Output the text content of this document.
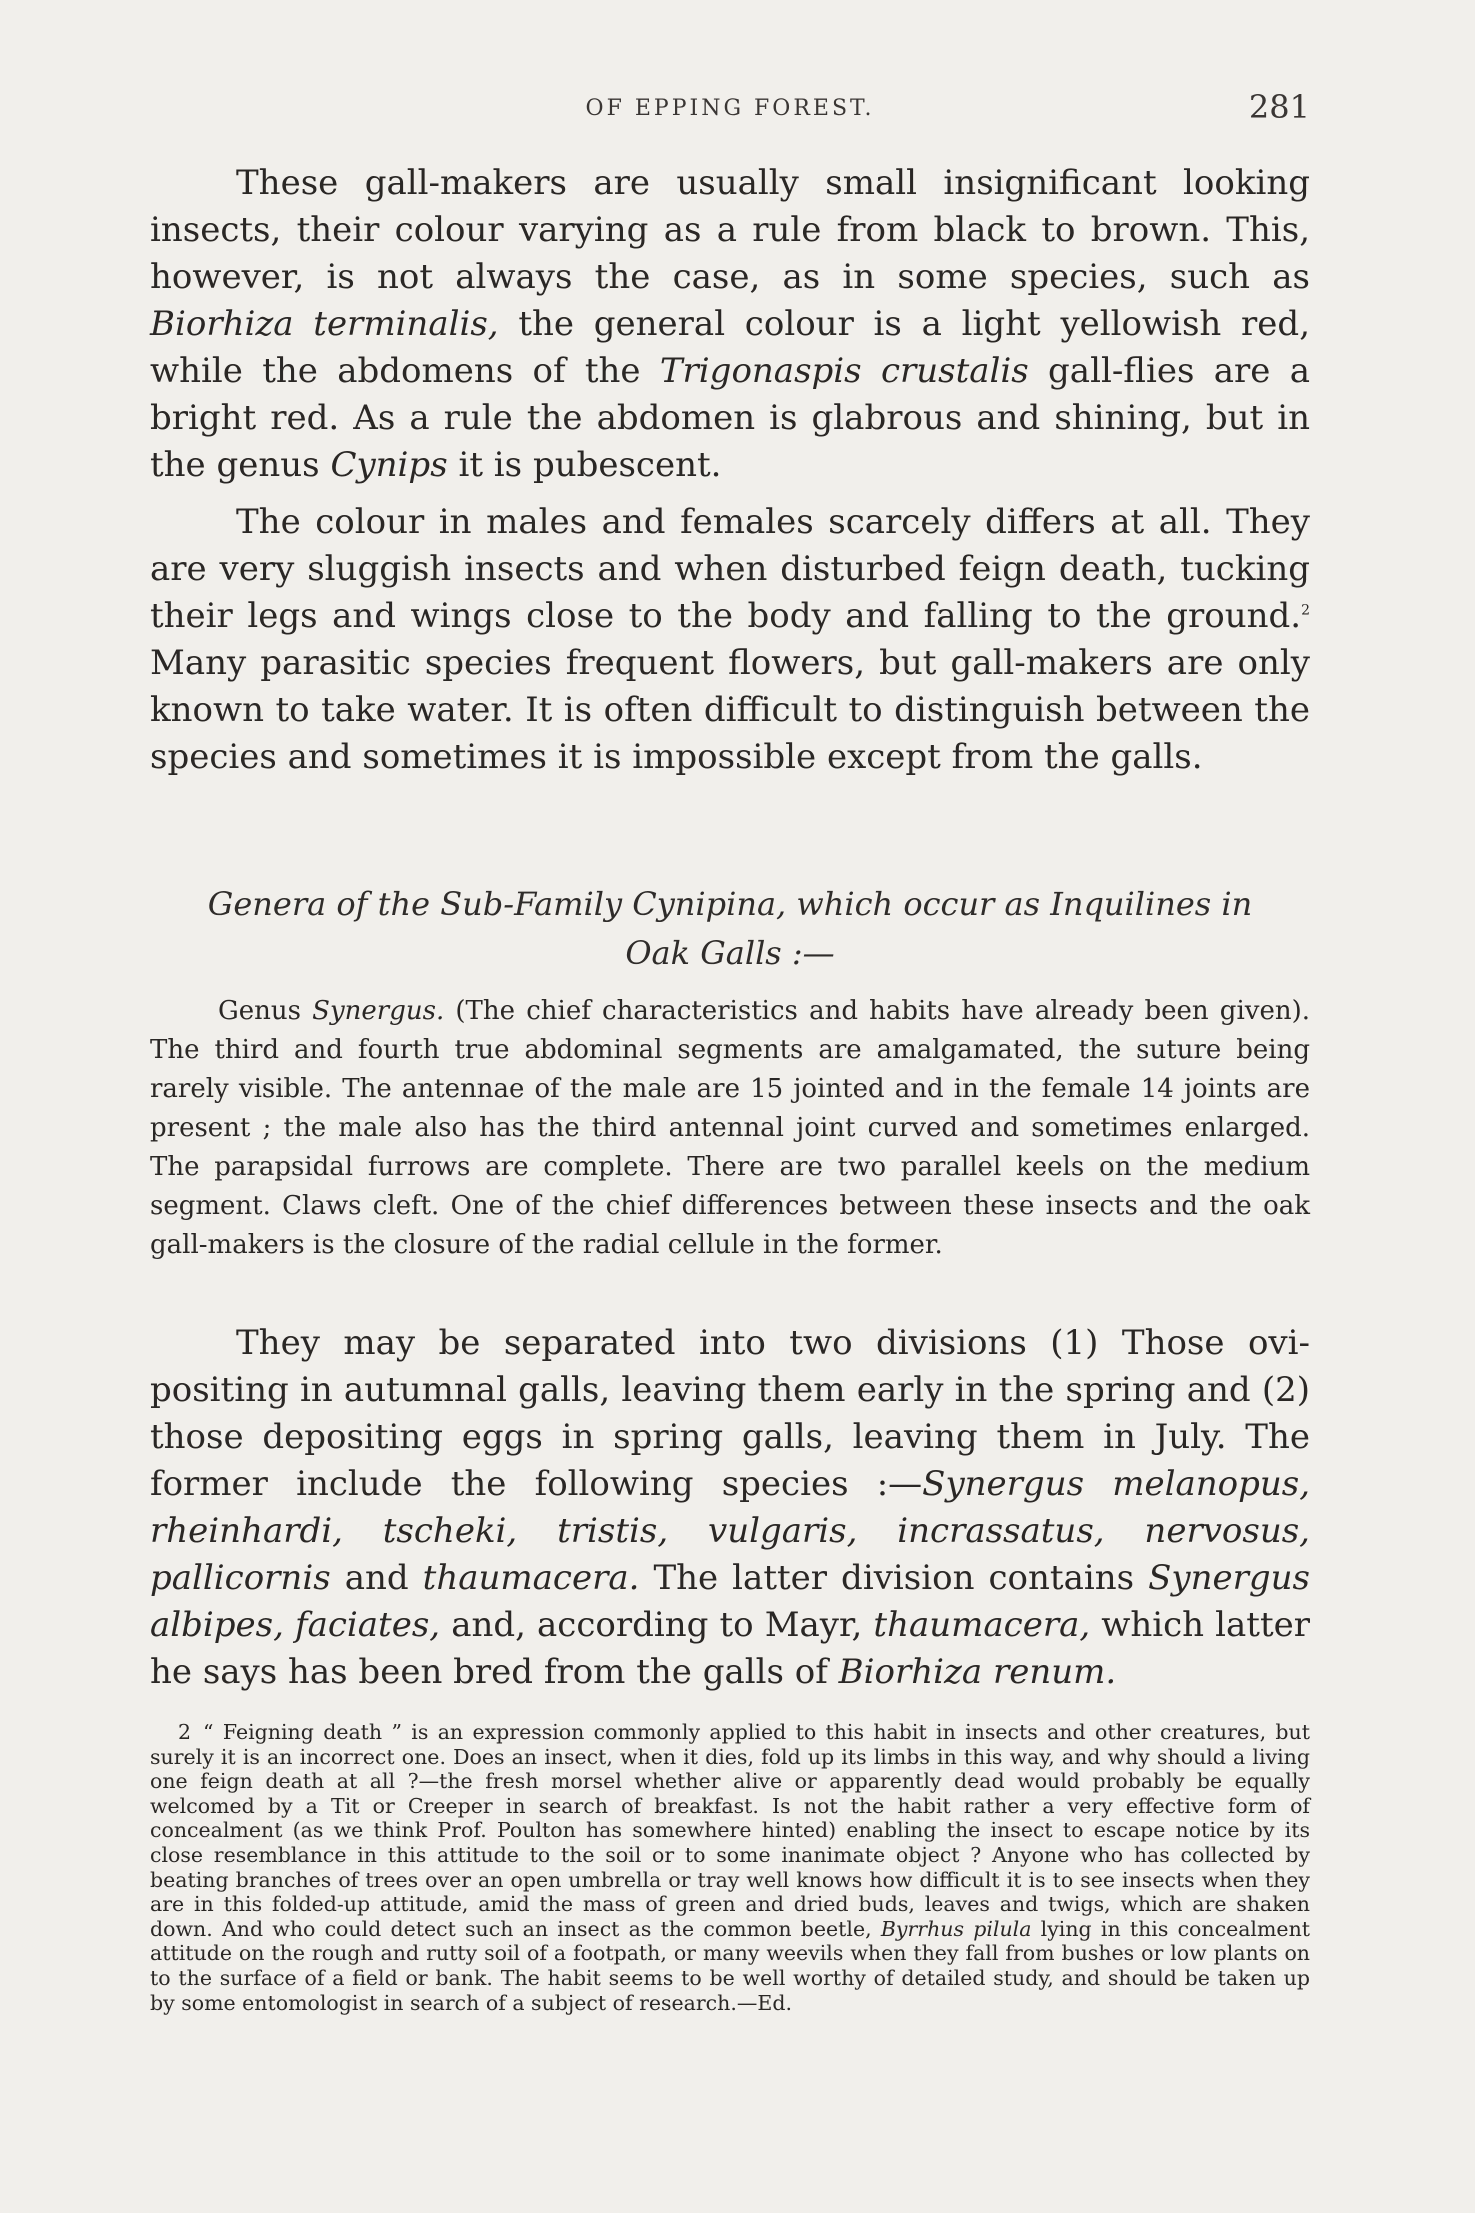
OF EPPING FOREST.	281

These gall-makers are usually small insignificant looking insects, their colour varying as a rule from black to brown. This, however, is not always the case, as in some species, such as Biorhiza terminalis, the general colour is a light yellowish red, while the abdomens of the Trigonaspis crustalis gall-flies are a bright red. As a rule the abdomen is glabrous and shining, but in the genus Cynips it is pubescent.

The colour in males and females scarcely differs at all. They are very sluggish insects and when disturbed feign death, tucking their legs and wings close to the body and falling to the ground.$^2$ Many parasitic species frequent flowers, but gall-makers are only known to take water. It is often difficult to distinguish between the species and sometimes it is impossible except from the galls.

Genera of the Sub-Family Cynipina, which occur as Inquilines in
Oak Galls :—

Genus Synergus. (The chief characteristics and habits have already been given). The third and fourth true abdominal segments are amalgamated, the suture being rarely visible. The antennae of the male are 15 jointed and in the female 14 joints are present ; the male also has the third antennal joint curved and sometimes enlarged. The parapsidal furrows are complete. There are two parallel keels on the medium segment. Claws cleft. One of the chief differences between these insects and the oak gall-makers is the closure of the radial cellule in the former.

They may be separated into two divisions (1) Those ovi-positing in autumnal galls, leaving them early in the spring and (2) those depositing eggs in spring galls, leaving them in July. The former include the following species :—Synergus melanopus, rheinhardi, tscheki, tristis, vulgaris, incrassatus, nervosus, pallicornis and thaumacera. The latter division contains Synergus albipes, faciates, and, according to Mayr, thaumacera, which latter he says has been bred from the galls of Biorhiza renum.

2 “ Feigning death ” is an expression commonly applied to this habit in insects and other creatures, but surely it is an incorrect one. Does an insect, when it dies, fold up its limbs in this way, and why should a living one feign death at all ?—the fresh morsel whether alive or apparently dead would probably be equally welcomed by a Tit or Creeper in search of breakfast. Is not the habit rather a very effective form of concealment (as we think Prof. Poulton has somewhere hinted) enabling the insect to escape notice by its close resemblance in this attitude to the soil or to some inanimate object ? Anyone who has collected by beating branches of trees over an open umbrella or tray well knows how difficult it is to see insects when they are in this folded-up attitude, amid the mass of green and dried buds, leaves and twigs, which are shaken down. And who could detect such an insect as the common beetle, Byrrhus pilula lying in this concealment attitude on the rough and rutty soil of a footpath, or many weevils when they fall from bushes or low plants on to the surface of a field or bank. The habit seems to be well worthy of detailed study, and should be taken up by some entomologist in search of a subject of research.—Ed.
